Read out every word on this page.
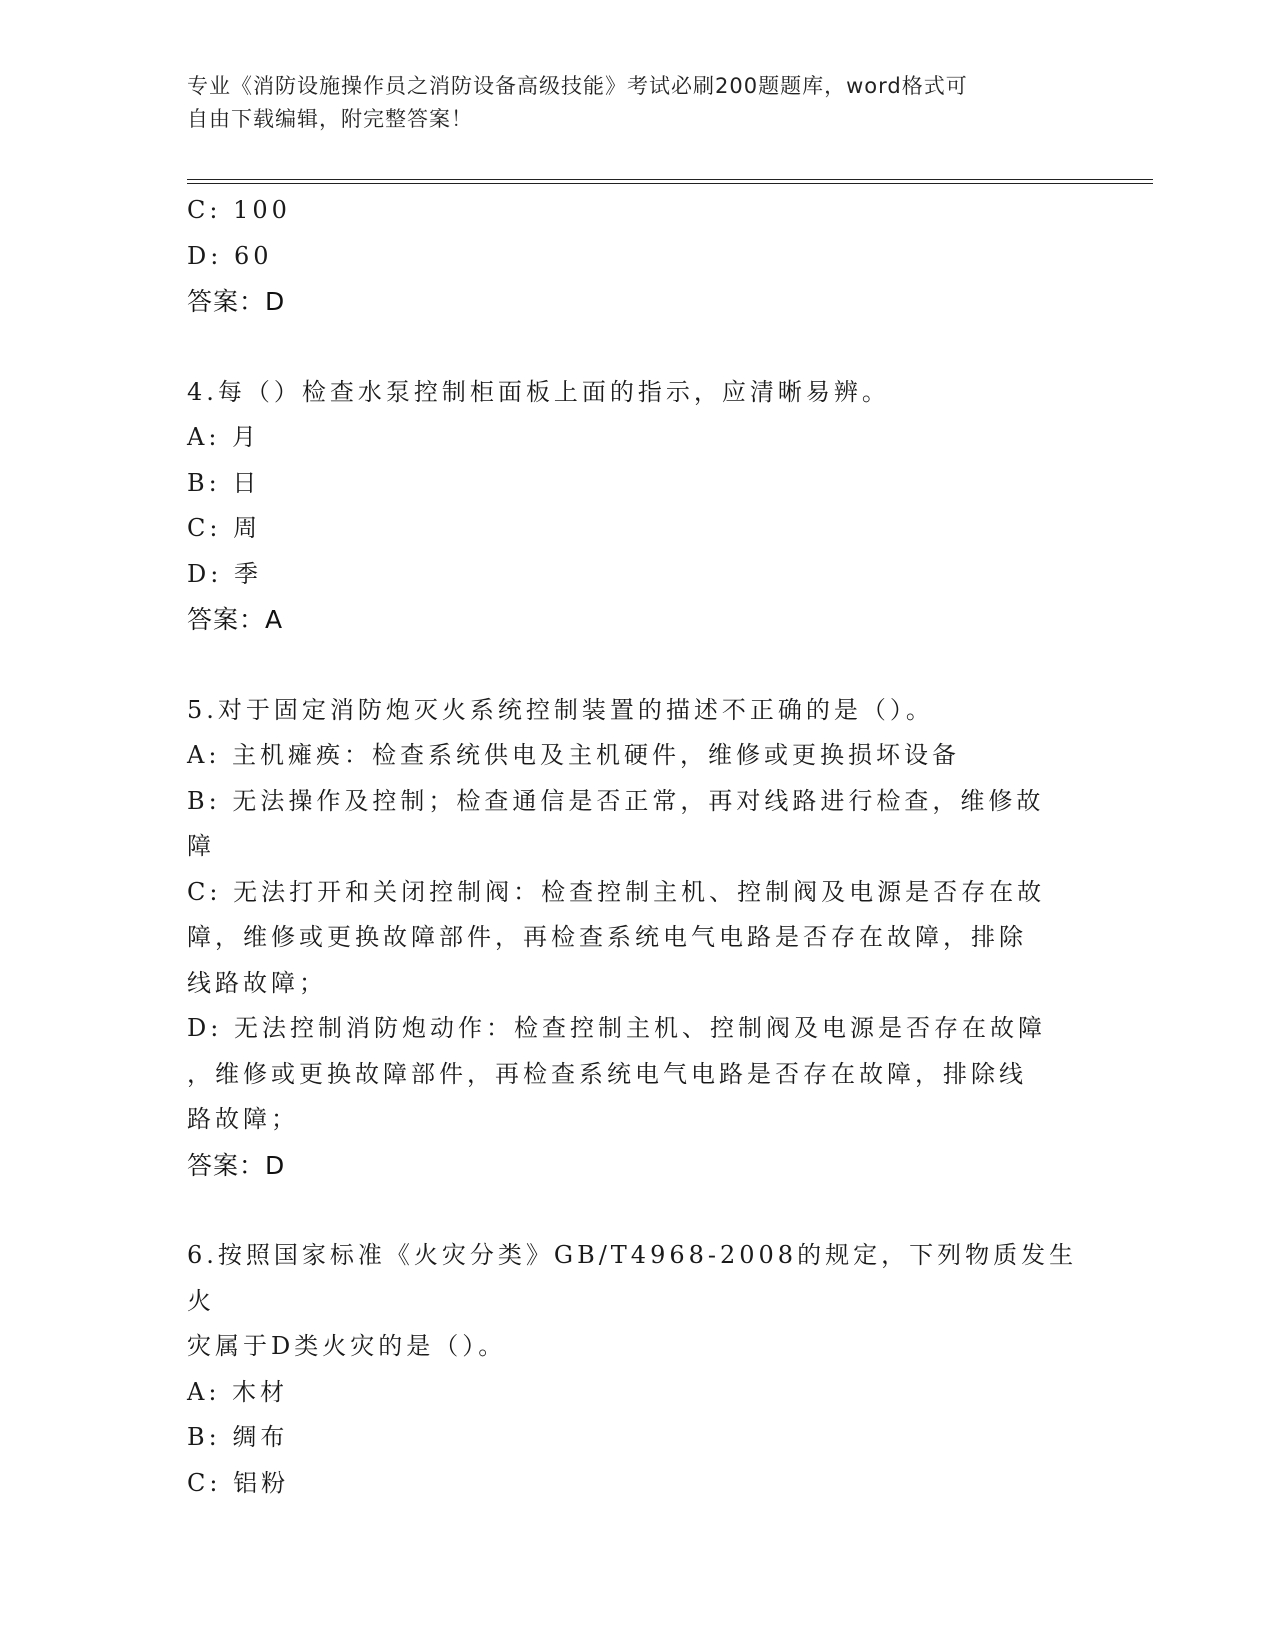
专业《消防设施操作员之消防设备高级技能》考试必刷200题题库，word格式可
自由下载编辑，附完整答案！
C: 100
D: 60
答案：D
4.每（）检查水泵控制柜面板上面的指示，应清晰易辨。
A: 月
B: 日
C: 周
D: 季
答案：A
5.对于固定消防炮灭火系统控制装置的描述不正确的是（）。
A: 主机瘫痪：检查系统供电及主机硬件，维修或更换损坏设备
B: 无法操作及控制；检查通信是否正常，再对线路进行检查，维修故
障
C: 无法打开和关闭控制阀：检查控制主机、控制阀及电源是否存在故
障，维修或更换故障部件，再检查系统电气电路是否存在故障，排除
线路故障；
D: 无法控制消防炮动作：检查控制主机、控制阀及电源是否存在故障
，维修或更换故障部件，再检查系统电气电路是否存在故障，排除线
路故障；
答案：D
6.按照国家标准《火灾分类》GB/T4968-2008的规定，下列物质发生火
灾属于D类火灾的是（）。
A: 木材
B: 绸布
C: 铝粉
